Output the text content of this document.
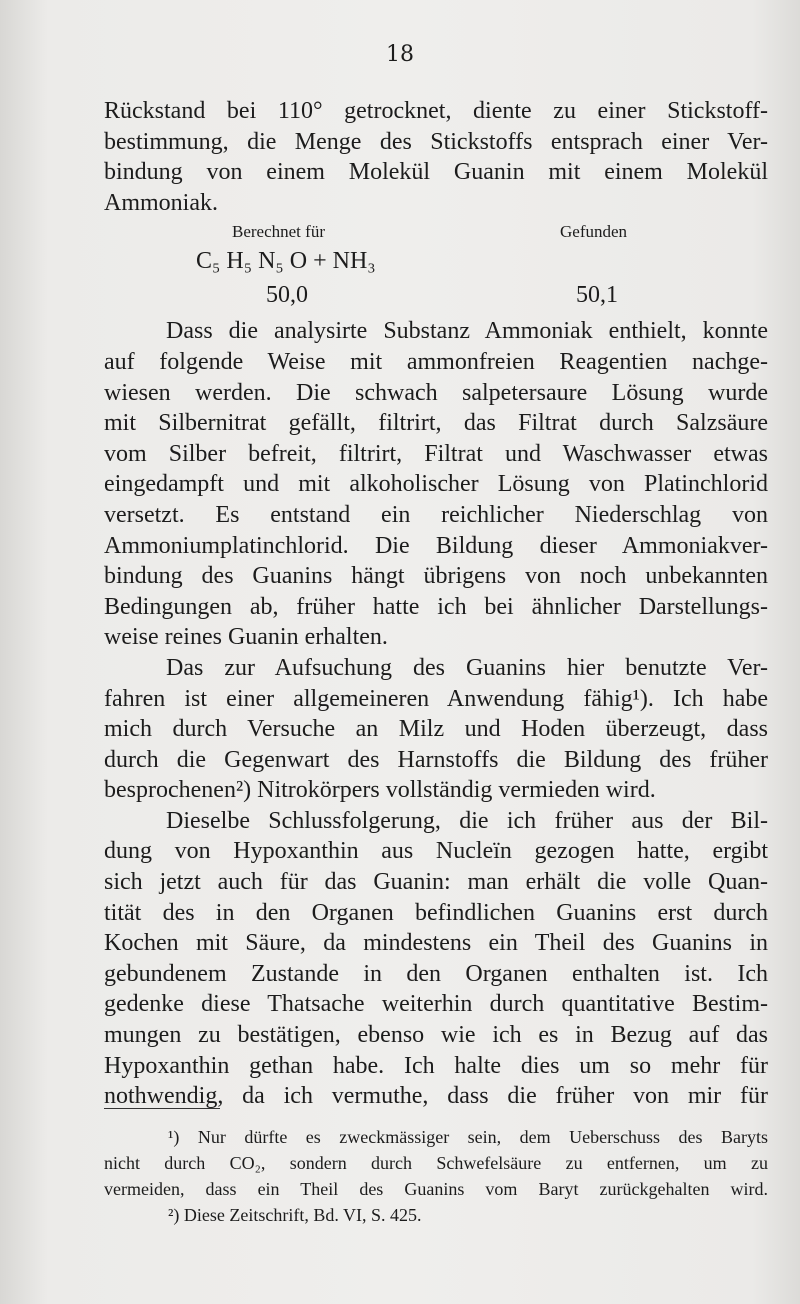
18
Rückstand bei 110° getrocknet, diente zu einer Stickstoff-
bestimmung, die Menge des Stickstoffs entsprach einer Ver-
bindung von einem Molekül Guanin mit einem Molekül
Ammoniak.
Berechnet für	Gefunden
C₅ H₅ N₅ O + NH₃
50,0	50,1
Dass die analysirte Substanz Ammoniak enthielt, konnte
auf folgende Weise mit ammonfreien Reagentien nachge-
wiesen werden. Die schwach salpetersaure Lösung wurde
mit Silbernitrat gefällt, filtrirt, das Filtrat durch Salzsäure
vom Silber befreit, filtrirt, Filtrat und Waschwasser etwas
eingedampft und mit alkoholischer Lösung von Platinchlorid
versetzt. Es entstand ein reichlicher Niederschlag von
Ammoniumplatinchlorid. Die Bildung dieser Ammoniakver-
bindung des Guanins hängt übrigens von noch unbekannten
Bedingungen ab, früher hatte ich bei ähnlicher Darstellungs-
weise reines Guanin erhalten.
Das zur Aufsuchung des Guanins hier benutzte Ver-
fahren ist einer allgemeineren Anwendung fähig¹). Ich habe
mich durch Versuche an Milz und Hoden überzeugt, dass
durch die Gegenwart des Harnstoffs die Bildung des früher
besprochenen²) Nitrokörpers vollständig vermieden wird.
Dieselbe Schlussfolgerung, die ich früher aus der Bil-
dung von Hypoxanthin aus Nucleïn gezogen hatte, ergibt
sich jetzt auch für das Guanin: man erhält die volle Quan-
tität des in den Organen befindlichen Guanins erst durch
Kochen mit Säure, da mindestens ein Theil des Guanins in
gebundenem Zustande in den Organen enthalten ist. Ich
gedenke diese Thatsache weiterhin durch quantitative Bestim-
mungen zu bestätigen, ebenso wie ich es in Bezug auf das
Hypoxanthin gethan habe. Ich halte dies um so mehr für
nothwendig, da ich vermuthe, dass die früher von mir für
¹) Nur dürfte es zweckmässiger sein, dem Ueberschuss des Baryts
nicht durch CO₂, sondern durch Schwefelsäure zu entfernen, um zu
vermeiden, dass ein Theil des Guanins vom Baryt zurückgehalten wird.
²) Diese Zeitschrift, Bd. VI, S. 425.
